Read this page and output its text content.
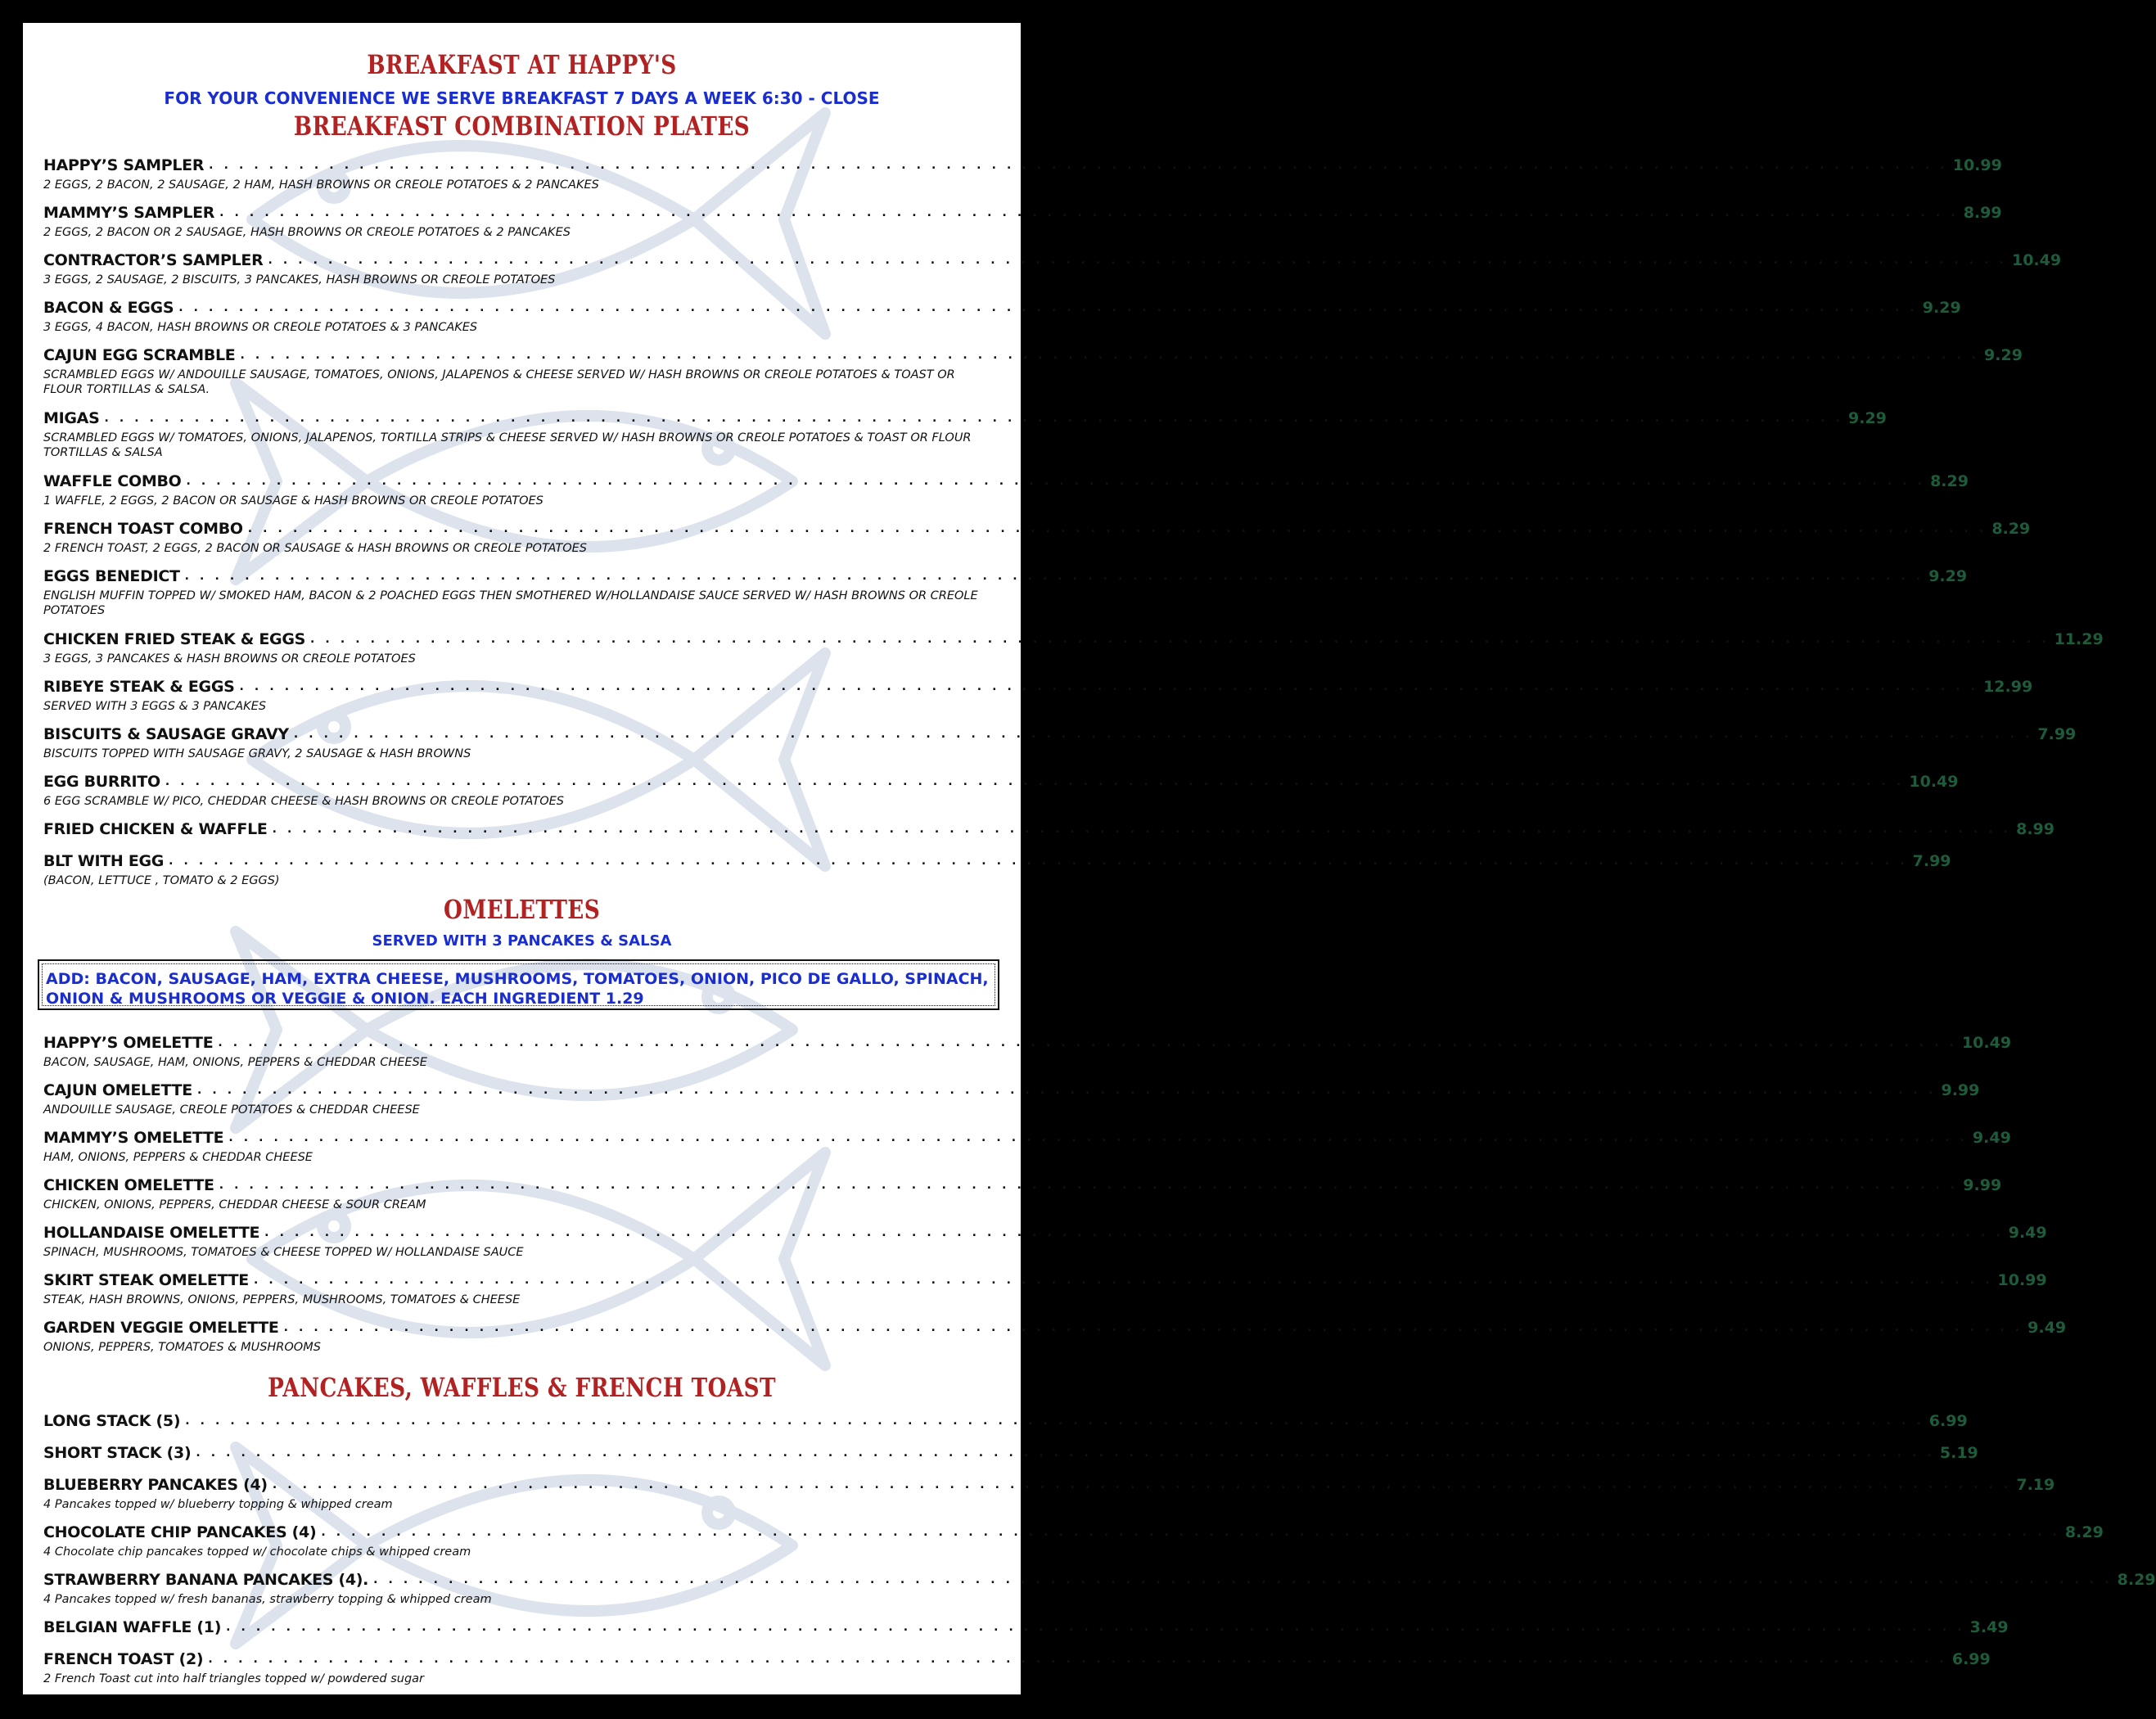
BREAKFAST AT HAPPY'S
FOR YOUR CONVENIENCE WE SERVE BREAKFAST 7 DAYS A WEEK 6:30 - CLOSE
BREAKFAST COMBINATION PLATES
HAPPY’S SAMPLER . . . . . . . . . . . . . . . . . . . . . . . . . . . . . . . . . . . . . . . . . . . . . . . . . . . . . . . . . . . . . . . . . . . . . . . . . . . . . . . . . . . . . . . . . . . . . . . . . . . . . . . . . . . . . . . . . . . . 10.99
2 EGGS, 2 BACON, 2 SAUSAGE, 2 HAM, HASH BROWNS OR CREOLE POTATOES & 2 PANCAKES
MAMMY’S SAMPLER . . . . . . . . . . . . . . . . . . . . . . . . . . . . . . . . . . . . . . . . . . . . . . . . . . . . . . . . . . . . . . . . . . . . . . . . . . . . . . . . . . . . . . . . . . . . . . . . . . . . . . . . . . . . . . . . . . . . 8.99
2 EGGS, 2 BACON OR 2 SAUSAGE, HASH BROWNS OR CREOLE POTATOES & 2 PANCAKES
CONTRACTOR’S SAMPLER . . . . . . . . . . . . . . . . . . . . . . . . . . . . . . . . . . . . . . . . . . . . . . . . . . . . . . . . . . . . . . . . . . . . . . . . . . . . . . . . . . . . . . . . . . . . . . . . . . . . . . . . . . . . . . . . . . . . 10.49
3 EGGS, 2 SAUSAGE, 2 BISCUITS, 3 PANCAKES, HASH BROWNS OR CREOLE POTATOES
BACON & EGGS . . . . . . . . . . . . . . . . . . . . . . . . . . . . . . . . . . . . . . . . . . . . . . . . . . . . . . . . . . . . . . . . . . . . . . . . . . . . . . . . . . . . . . . . . . . . . . . . . . . . . . . . . . . . . . . . . . . . 9.29
3 EGGS, 4 BACON, HASH BROWNS OR CREOLE POTATOES & 3 PANCAKES
CAJUN EGG SCRAMBLE . . . . . . . . . . . . . . . . . . . . . . . . . . . . . . . . . . . . . . . . . . . . . . . . . . . . . . . . . . . . . . . . . . . . . . . . . . . . . . . . . . . . . . . . . . . . . . . . . . . . . . . . . . . . . . . . . . . . 9.29
SCRAMBLED EGGS W/ ANDOUILLE SAUSAGE, TOMATOES, ONIONS, JALAPENOS & CHEESE SERVED W/ HASH BROWNS OR CREOLE POTATOES & TOAST OR FLOUR TORTILLAS & SALSA.
MIGAS . . . . . . . . . . . . . . . . . . . . . . . . . . . . . . . . . . . . . . . . . . . . . . . . . . . . . . . . . . . . . . . . . . . . . . . . . . . . . . . . . . . . . . . . . . . . . . . . . . . . . . . . . . . . . . . . . . . . 9.29
SCRAMBLED EGGS W/ TOMATOES, ONIONS, JALAPENOS, TORTILLA STRIPS & CHEESE SERVED W/ HASH BROWNS OR CREOLE POTATOES & TOAST OR FLOUR TORTILLAS & SALSA
WAFFLE COMBO . . . . . . . . . . . . . . . . . . . . . . . . . . . . . . . . . . . . . . . . . . . . . . . . . . . . . . . . . . . . . . . . . . . . . . . . . . . . . . . . . . . . . . . . . . . . . . . . . . . . . . . . . . . . . . . . . . . . 8.29
1 WAFFLE, 2 EGGS, 2 BACON OR SAUSAGE & HASH BROWNS OR CREOLE POTATOES
FRENCH TOAST COMBO . . . . . . . . . . . . . . . . . . . . . . . . . . . . . . . . . . . . . . . . . . . . . . . . . . . . . . . . . . . . . . . . . . . . . . . . . . . . . . . . . . . . . . . . . . . . . . . . . . . . . . . . . . . . . . . . . . . . 8.29
2 FRENCH TOAST, 2 EGGS, 2 BACON OR SAUSAGE & HASH BROWNS OR CREOLE POTATOES
EGGS BENEDICT . . . . . . . . . . . . . . . . . . . . . . . . . . . . . . . . . . . . . . . . . . . . . . . . . . . . . . . . . . . . . . . . . . . . . . . . . . . . . . . . . . . . . . . . . . . . . . . . . . . . . . . . . . . . . . . . . . . . 9.29
ENGLISH MUFFIN TOPPED W/ SMOKED HAM, BACON & 2 POACHED EGGS THEN SMOTHERED W/HOLLANDAISE SAUCE SERVED W/ HASH BROWNS OR CREOLE POTATOES
CHICKEN FRIED STEAK & EGGS . . . . . . . . . . . . . . . . . . . . . . . . . . . . . . . . . . . . . . . . . . . . . . . . . . . . . . . . . . . . . . . . . . . . . . . . . . . . . . . . . . . . . . . . . . . . . . . . . . . . . . . . . . . . . . . . . . . . 11.29
3 EGGS, 3 PANCAKES & HASH BROWNS OR CREOLE POTATOES
RIBEYE STEAK & EGGS . . . . . . . . . . . . . . . . . . . . . . . . . . . . . . . . . . . . . . . . . . . . . . . . . . . . . . . . . . . . . . . . . . . . . . . . . . . . . . . . . . . . . . . . . . . . . . . . . . . . . . . . . . . . . . . . . . . . 12.99
SERVED WITH 3 EGGS & 3 PANCAKES
BISCUITS & SAUSAGE GRAVY . . . . . . . . . . . . . . . . . . . . . . . . . . . . . . . . . . . . . . . . . . . . . . . . . . . . . . . . . . . . . . . . . . . . . . . . . . . . . . . . . . . . . . . . . . . . . . . . . . . . . . . . . . . . . . . . . . . . 7.99
BISCUITS TOPPED WITH SAUSAGE GRAVY, 2 SAUSAGE & HASH BROWNS
EGG BURRITO . . . . . . . . . . . . . . . . . . . . . . . . . . . . . . . . . . . . . . . . . . . . . . . . . . . . . . . . . . . . . . . . . . . . . . . . . . . . . . . . . . . . . . . . . . . . . . . . . . . . . . . . . . . . . . . . . . . . 10.49
6 EGG SCRAMBLE W/ PICO, CHEDDAR CHEESE & HASH BROWNS OR CREOLE POTATOES
FRIED CHICKEN & WAFFLE . . . . . . . . . . . . . . . . . . . . . . . . . . . . . . . . . . . . . . . . . . . . . . . . . . . . . . . . . . . . . . . . . . . . . . . . . . . . . . . . . . . . . . . . . . . . . . . . . . . . . . . . . . . . . . . . . . . . 8.99
BLT WITH EGG . . . . . . . . . . . . . . . . . . . . . . . . . . . . . . . . . . . . . . . . . . . . . . . . . . . . . . . . . . . . . . . . . . . . . . . . . . . . . . . . . . . . . . . . . . . . . . . . . . . . . . . . . . . . . . . . . . . . 7.99
(BACON, LETTUCE , TOMATO & 2 EGGS)
OMELETTES
SERVED WITH 3 PANCAKES & SALSA
ADD: BACON, SAUSAGE, HAM, EXTRA CHEESE, MUSHROOMS, TOMATOES, ONION, PICO DE GALLO, SPINACH, ONION & MUSHROOMS OR VEGGIE & ONION. EACH INGREDIENT 1.29
HAPPY’S OMELETTE . . . . . . . . . . . . . . . . . . . . . . . . . . . . . . . . . . . . . . . . . . . . . . . . . . . . . . . . . . . . . . . . . . . . . . . . . . . . . . . . . . . . . . . . . . . . . . . . . . . . . . . . . . . . . . . . . . . . 10.49
BACON, SAUSAGE, HAM, ONIONS, PEPPERS & CHEDDAR CHEESE
CAJUN OMELETTE . . . . . . . . . . . . . . . . . . . . . . . . . . . . . . . . . . . . . . . . . . . . . . . . . . . . . . . . . . . . . . . . . . . . . . . . . . . . . . . . . . . . . . . . . . . . . . . . . . . . . . . . . . . . . . . . . . . . 9.99
ANDOUILLE SAUSAGE, CREOLE POTATOES & CHEDDAR CHEESE
MAMMY’S OMELETTE . . . . . . . . . . . . . . . . . . . . . . . . . . . . . . . . . . . . . . . . . . . . . . . . . . . . . . . . . . . . . . . . . . . . . . . . . . . . . . . . . . . . . . . . . . . . . . . . . . . . . . . . . . . . . . . . . . . . 9.49
HAM, ONIONS, PEPPERS & CHEDDAR CHEESE
CHICKEN OMELETTE . . . . . . . . . . . . . . . . . . . . . . . . . . . . . . . . . . . . . . . . . . . . . . . . . . . . . . . . . . . . . . . . . . . . . . . . . . . . . . . . . . . . . . . . . . . . . . . . . . . . . . . . . . . . . . . . . . . . 9.99
CHICKEN, ONIONS, PEPPERS, CHEDDAR CHEESE & SOUR CREAM
HOLLANDAISE OMELETTE . . . . . . . . . . . . . . . . . . . . . . . . . . . . . . . . . . . . . . . . . . . . . . . . . . . . . . . . . . . . . . . . . . . . . . . . . . . . . . . . . . . . . . . . . . . . . . . . . . . . . . . . . . . . . . . . . . . . 9.49
SPINACH, MUSHROOMS, TOMATOES & CHEESE TOPPED W/ HOLLANDAISE SAUCE
SKIRT STEAK OMELETTE . . . . . . . . . . . . . . . . . . . . . . . . . . . . . . . . . . . . . . . . . . . . . . . . . . . . . . . . . . . . . . . . . . . . . . . . . . . . . . . . . . . . . . . . . . . . . . . . . . . . . . . . . . . . . . . . . . . . 10.99
STEAK, HASH BROWNS, ONIONS, PEPPERS, MUSHROOMS, TOMATOES & CHEESE
GARDEN VEGGIE OMELETTE . . . . . . . . . . . . . . . . . . . . . . . . . . . . . . . . . . . . . . . . . . . . . . . . . . . . . . . . . . . . . . . . . . . . . . . . . . . . . . . . . . . . . . . . . . . . . . . . . . . . . . . . . . . . . . . . . . . . 9.49
ONIONS, PEPPERS, TOMATOES & MUSHROOMS
PANCAKES, WAFFLES & FRENCH TOAST
LONG STACK (5) . . . . . . . . . . . . . . . . . . . . . . . . . . . . . . . . . . . . . . . . . . . . . . . . . . . . . . . . . . . . . . . . . . . . . . . . . . . . . . . . . . . . . . . . . . . . . . . . . . . . . . . . . . . . . . . . . . . . 6.99
SHORT STACK (3) . . . . . . . . . . . . . . . . . . . . . . . . . . . . . . . . . . . . . . . . . . . . . . . . . . . . . . . . . . . . . . . . . . . . . . . . . . . . . . . . . . . . . . . . . . . . . . . . . . . . . . . . . . . . . . . . . . . . 5.19
BLUEBERRY PANCAKES (4) . . . . . . . . . . . . . . . . . . . . . . . . . . . . . . . . . . . . . . . . . . . . . . . . . . . . . . . . . . . . . . . . . . . . . . . . . . . . . . . . . . . . . . . . . . . . . . . . . . . . . . . . . . . . . . . . . . . . 7.19
4 Pancakes topped w/ blueberry topping & whipped cream
CHOCOLATE CHIP PANCAKES (4) . . . . . . . . . . . . . . . . . . . . . . . . . . . . . . . . . . . . . . . . . . . . . . . . . . . . . . . . . . . . . . . . . . . . . . . . . . . . . . . . . . . . . . . . . . . . . . . . . . . . . . . . . . . . . . . . . . . . 8.29
4 Chocolate chip pancakes topped w/ chocolate chips & whipped cream
STRAWBERRY BANANA PANCAKES (4). . . . . . . . . . . . . . . . . . . . . . . . . . . . . . . . . . . . . . . . . . . . . . . . . . . . . . . . . . . . . . . . . . . . . . . . . . . . . . . . . . . . . . . . . . . . . . . . . . . . . . . . . . . . . . . . . . . . . 8.29
4 Pancakes topped w/ fresh bananas, strawberry topping & whipped cream
BELGIAN WAFFLE (1) . . . . . . . . . . . . . . . . . . . . . . . . . . . . . . . . . . . . . . . . . . . . . . . . . . . . . . . . . . . . . . . . . . . . . . . . . . . . . . . . . . . . . . . . . . . . . . . . . . . . . . . . . . . . . . . . . . . . 3.49
FRENCH TOAST (2) . . . . . . . . . . . . . . . . . . . . . . . . . . . . . . . . . . . . . . . . . . . . . . . . . . . . . . . . . . . . . . . . . . . . . . . . . . . . . . . . . . . . . . . . . . . . . . . . . . . . . . . . . . . . . . . . . . . . 6.99
2 French Toast cut into half triangles topped w/ powdered sugar
